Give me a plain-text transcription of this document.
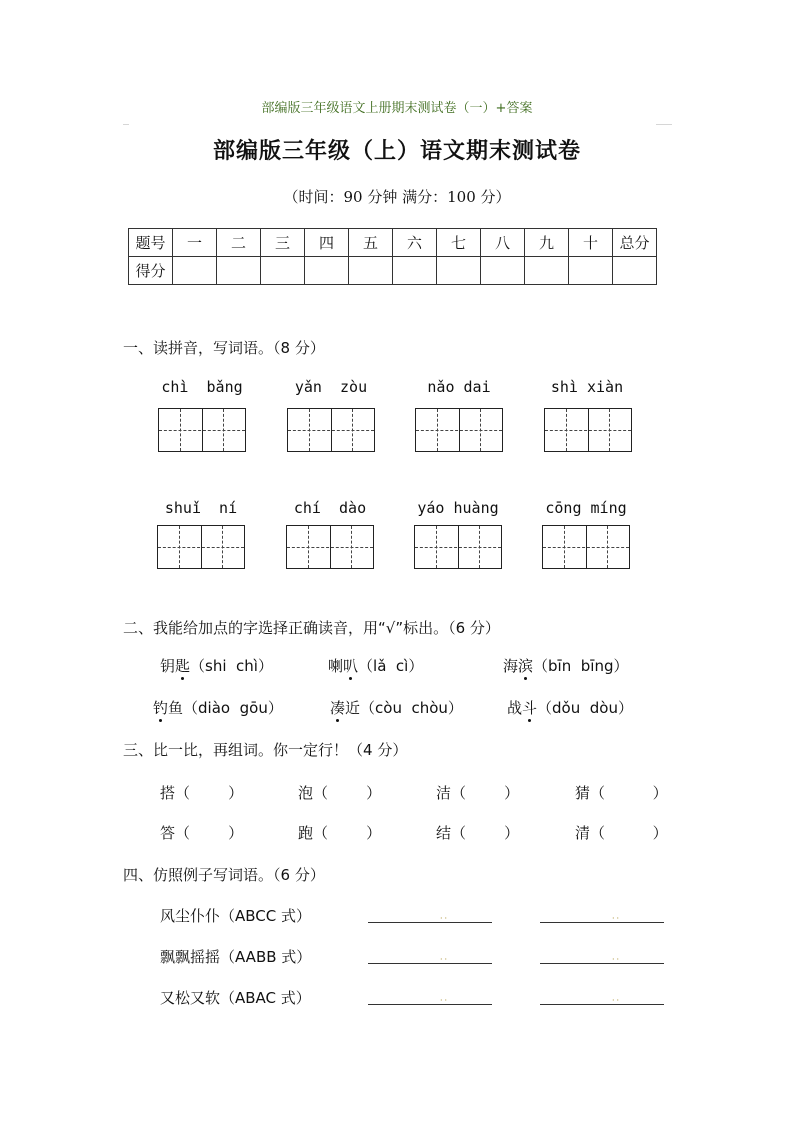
部编版三年级语文上册期末测试卷（一）+答案
部编版三年级（上）语文期末测试卷
（时间：90 分钟 满分：100 分）
题号	一	二	三	四	五	六	七	八	九	十	总分
得分											
一、读拼音，写词语。（8 分）
chì  bǎng	yǎn  zòu	nǎo dai	shì xiàn
shuǐ  ní	chí  dào	yáo huàng	cōng míng
二、我能给加点的字选择正确读音，用“√”标出。（6 分）
钥匙（shi  chì）	喇叭（lǎ  cì）	海滨（bīn  bīng）
钓鱼（diào  gōu）	凑近（còu  chòu）	战斗（dǒu  dòu）
三、比一比，再组词。你一定行！（4 分）
搭（        ）	泡（        ）	洁（        ）	猜（          ）
答（        ）	跑（        ）	结（        ）	清（          ）
四、仿照例子写词语。（6 分）
风尘仆仆（ABCC 式）	··	··
飘飘摇摇（AABB 式）	··	··
又松又软（ABAC 式）	··	··
